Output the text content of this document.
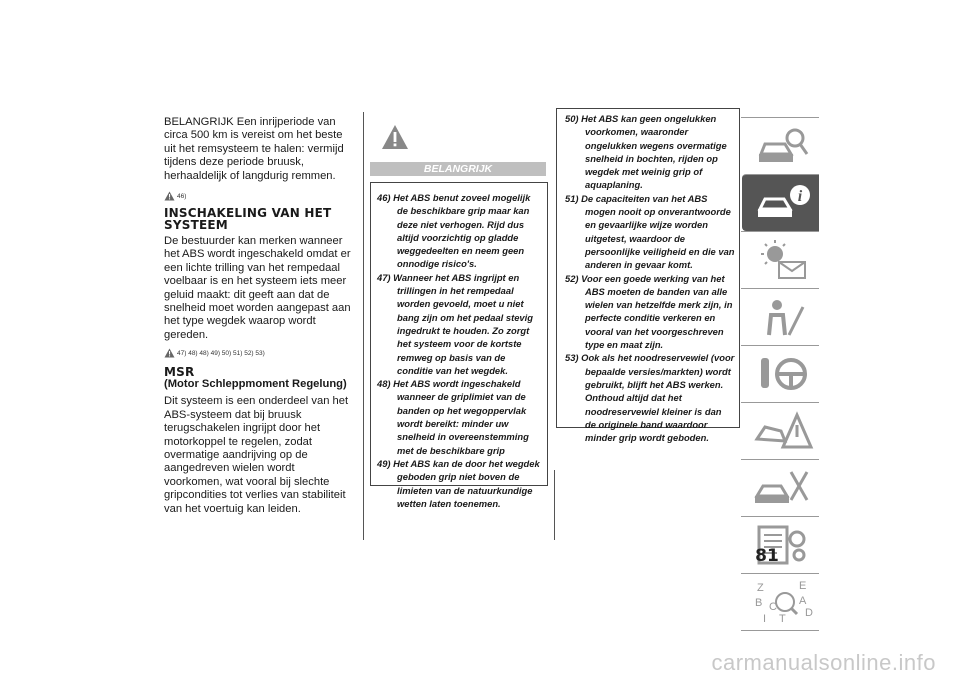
BELANGRIJK Een inrijperiode van circa 500 km is vereist om het beste uit het remsysteem te halen: vermijd tijdens deze periode bruusk, herhaaldelijk of langdurig remmen.

46)
INSCHAKELING VAN HET SYSTEEM

De bestuurder kan merken wanneer het ABS wordt ingeschakeld omdat er een lichte trilling van het rempedaal voelbaar is en het systeem iets meer geluid maakt: dit geeft aan dat de snelheid moet worden aangepast aan het type wegdek waarop wordt gereden.

47) 48) 48) 49) 50) 51) 52) 53)
MSR
(Motor Schleppmoment Regelung)

Dit systeem is een onderdeel van het ABS-systeem dat bij bruusk terugschakelen ingrijpt door het motorkoppel te regelen, zodat overmatige aandrijving op de aangedreven wielen wordt voorkomen, wat vooral bij slechte gripcondities tot verlies van stabiliteit van het voertuig kan leiden.

BELANGRIJK
46) Het ABS benut zoveel mogelijk de beschikbare grip maar kan deze niet verhogen. Rijd dus altijd voorzichtig op gladde weggedeelten en neem geen onnodige risico's.
47) Wanneer het ABS ingrijpt en trillingen in het rempedaal worden gevoeld, moet u niet bang zijn om het pedaal stevig ingedrukt te houden. Zo zorgt het systeem voor de kortste remweg op basis van de conditie van het wegdek.
48) Het ABS wordt ingeschakeld wanneer de griplimiet van de banden op het wegoppervlak wordt bereikt: minder uw snelheid in overeenstemming met de beschikbare grip
49) Het ABS kan de door het wegdek geboden grip niet boven de limieten van de natuurkundige wetten laten toenemen.
50) Het ABS kan geen ongelukken voorkomen, waaronder ongelukken wegens overmatige snelheid in bochten, rijden op wegdek met weinig grip of aquaplaning.
51) De capaciteiten van het ABS mogen nooit op onverantwoorde en gevaarlijke wijze worden uitgetest, waardoor de persoonlijke veiligheid en die van anderen in gevaar komt.
52) Voor een goede werking van het ABS moeten de banden van alle wielen van hetzelfde merk zijn, in perfecte conditie verkeren en vooral van het voorgeschreven type en maat zijn.
53) Ook als het noodreservewiel (voor bepaalde versies/markten) wordt gebruikt, blijft het ABS werken. Onthoud altijd dat het noodreservewiel kleiner is dan de originele band waardoor minder grip wordt geboden.
i
Z	E
B	A
C	D
T
I
81
carmanualsonline.info
